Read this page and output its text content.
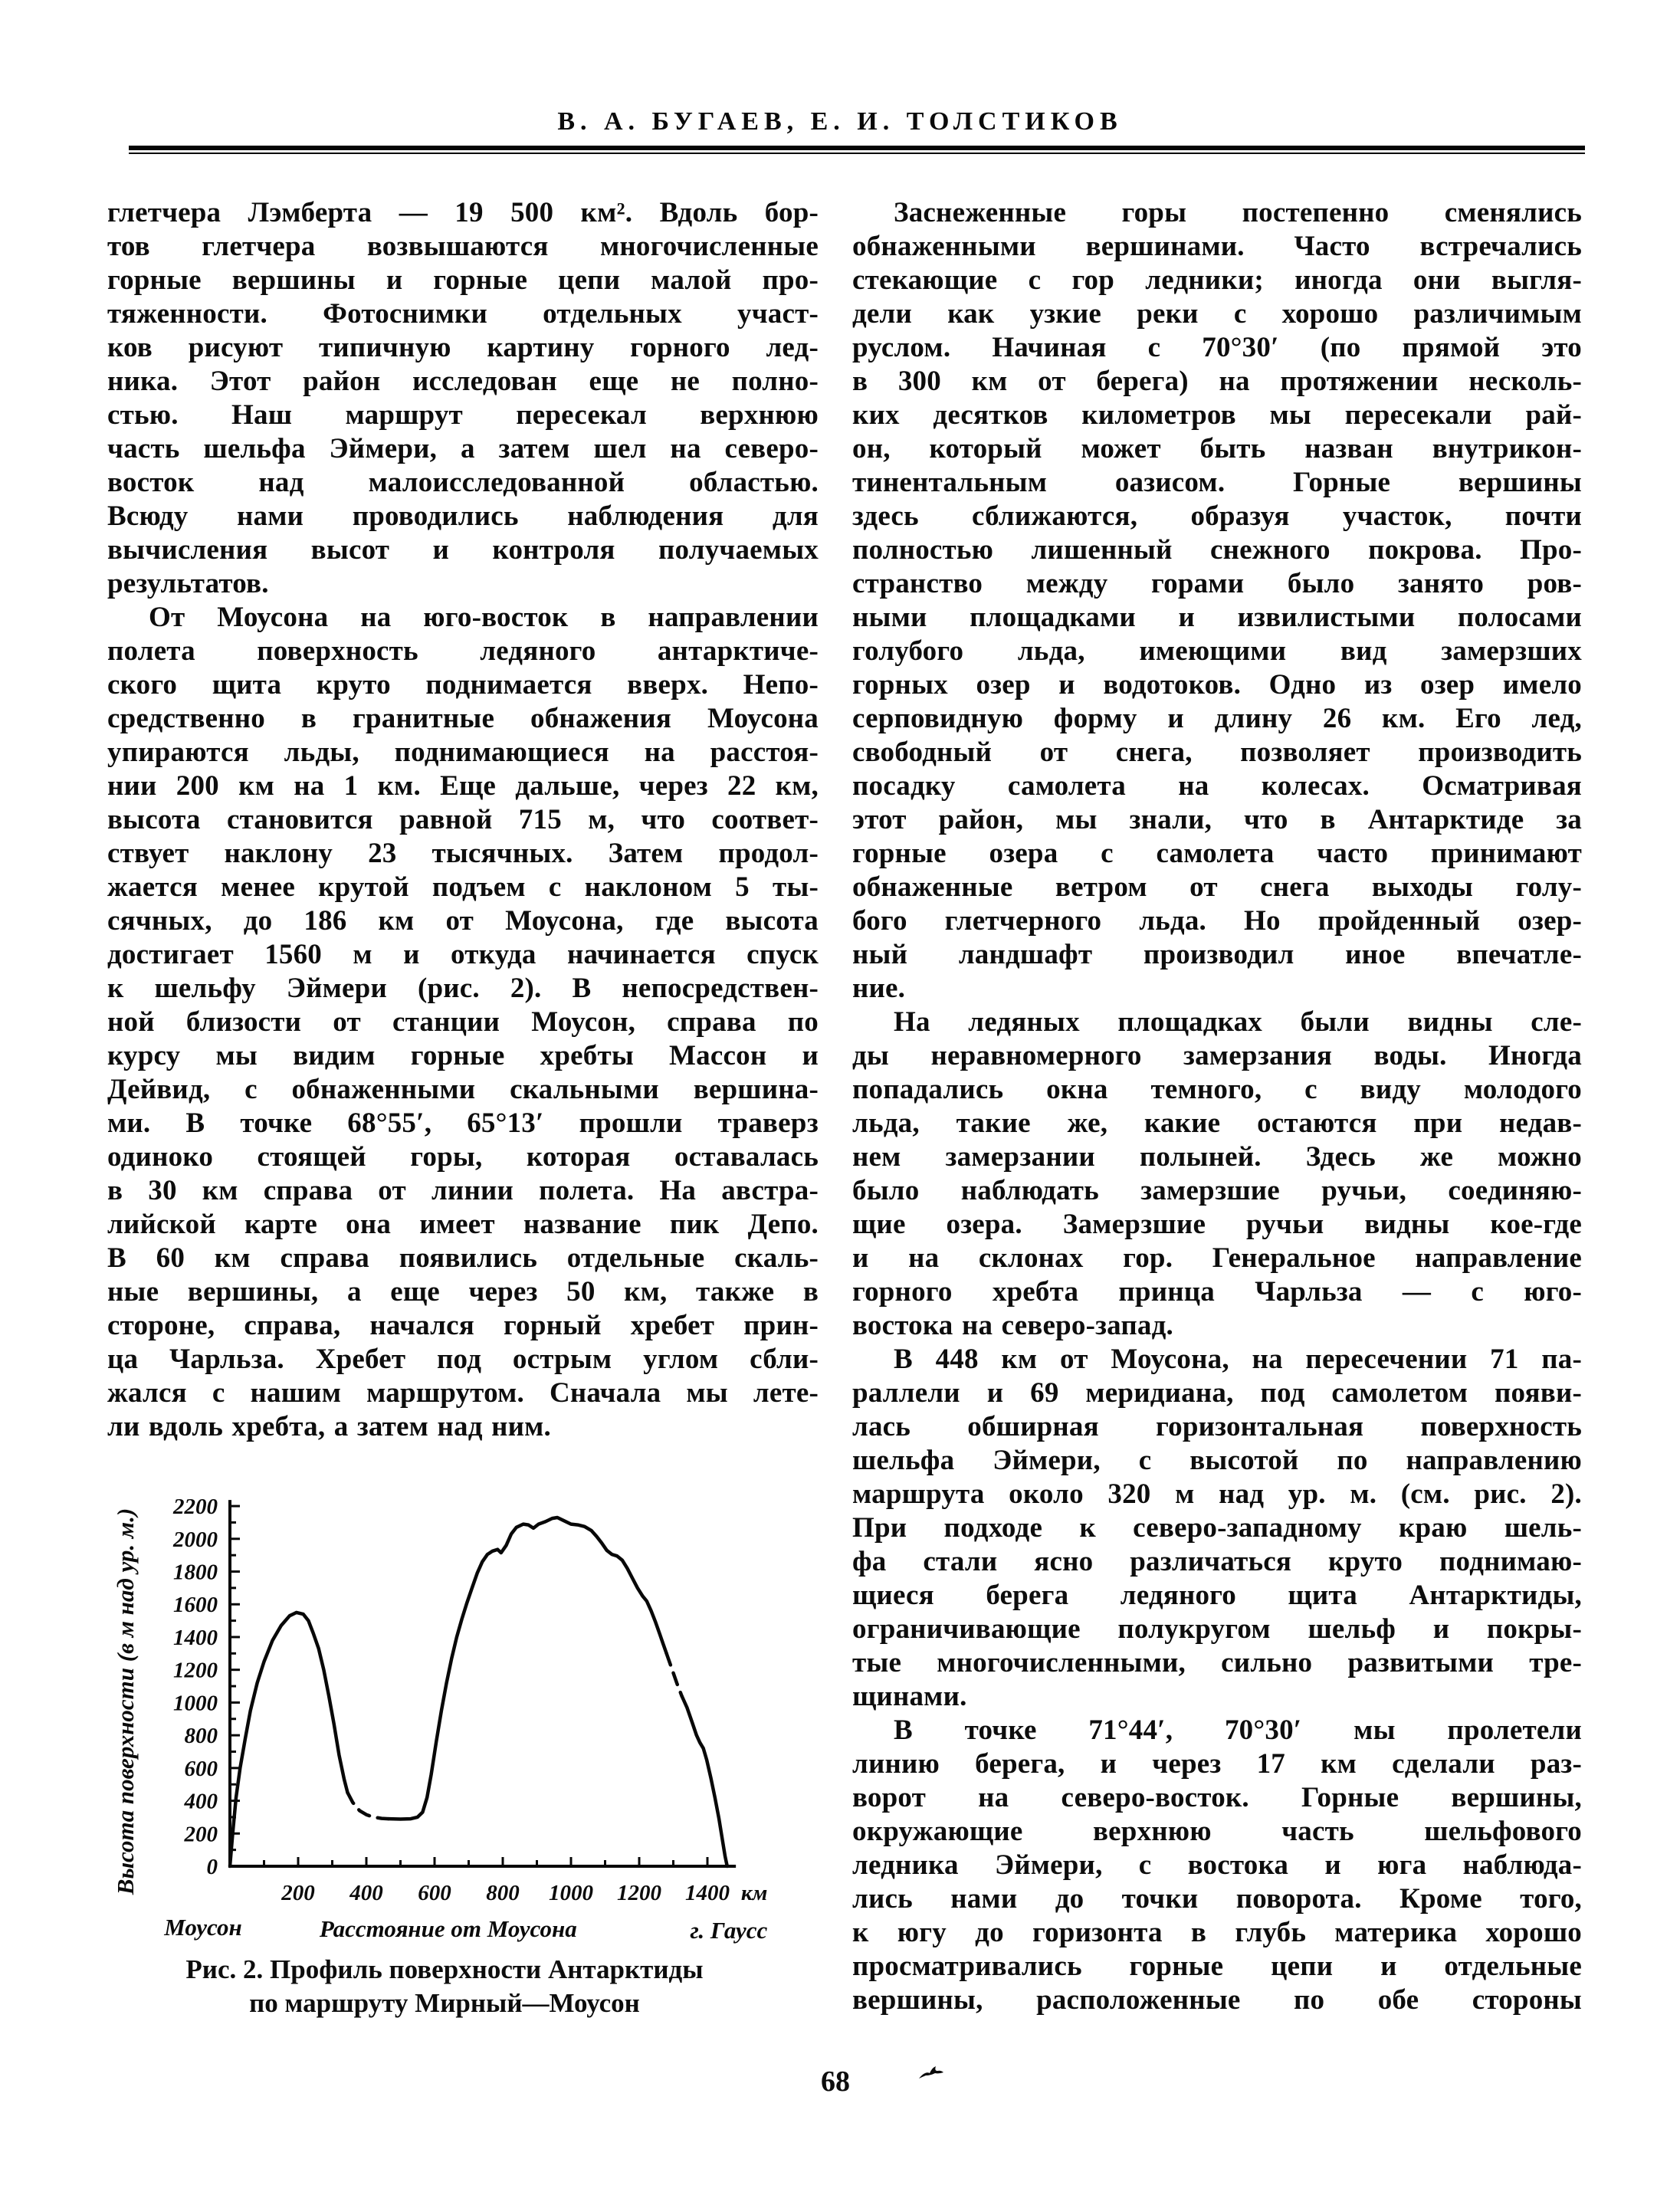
В. А. БУГАЕВ, Е. И. ТОЛСТИКОВ
глетчера Лэмберта — 19 500 км². Вдоль бор-
тов глетчера возвышаются многочисленные
горные вершины и горные цепи малой про-
тяженности. Фотоснимки отдельных участ-
ков рисуют типичную картину горного лед-
ника. Этот район исследован еще не полно-
стью. Наш маршрут пересекал верхнюю
часть шельфа Эймери, а затем шел на северо-
восток над малоисследованной областью.
Всюду нами проводились наблюдения для
вычисления высот и контроля получаемых
результатов.
От Моусона на юго-восток в направлении
полета поверхность ледяного антарктиче-
ского щита круто поднимается вверх. Непо-
средственно в гранитные обнажения Моусона
упираются льды, поднимающиеся на расстоя-
нии 200 км на 1 км. Еще дальше, через 22 км,
высота становится равной 715 м, что соответ-
ствует наклону 23 тысячных. Затем продол-
жается менее крутой подъем с наклоном 5 ты-
сячных, до 186 км от Моусона, где высота
достигает 1560 м и откуда начинается спуск
к шельфу Эймери (рис. 2). В непосредствен-
ной близости от станции Моусон, справа по
курсу мы видим горные хребты Массон и
Дейвид, с обнаженными скальными вершина-
ми. В точке 68°55′, 65°13′ прошли траверз
одиноко стоящей горы, которая оставалась
в 30 км справа от линии полета. На австра-
лийской карте она имеет название пик Депо.
В 60 км справа появились отдельные скаль-
ные вершины, а еще через 50 км, также в
стороне, справа, начался горный хребет прин-
ца Чарльза. Хребет под острым углом сбли-
жался с нашим маршрутом. Сначала мы лете-
ли вдоль хребта, а затем над ним.
Заснеженные горы постепенно сменялись
обнаженными вершинами. Часто встречались
стекающие с гор ледники; иногда они выгля-
дели как узкие реки с хорошо различимым
руслом. Начиная с 70°30′ (по прямой это
в 300 км от берега) на протяжении несколь-
ких десятков километров мы пересекали рай-
он, который может быть назван внутрикон-
тинентальным оазисом. Горные вершины
здесь сближаются, образуя участок, почти
полностью лишенный снежного покрова. Про-
странство между горами было занято ров-
ными площадками и извилистыми полосами
голубого льда, имеющими вид замерзших
горных озер и водотоков. Одно из озер имело
серповидную форму и длину 26 км. Его лед,
свободный от снега, позволяет производить
посадку самолета на колесах. Осматривая
этот район, мы знали, что в Антарктиде за
горные озера с самолета часто принимают
обнаженные ветром от снега выходы голу-
бого глетчерного льда. Но пройденный озер-
ный ландшафт производил иное впечатле-
ние.
На ледяных площадках были видны сле-
ды неравномерного замерзания воды. Иногда
попадались окна темного, с виду молодого
льда, такие же, какие остаются при недав-
нем замерзании полыней. Здесь же можно
было наблюдать замерзшие ручьи, соединяю-
щие озера. Замерзшие ручьи видны кое-где
и на склонах гор. Генеральное направление
горного хребта принца Чарльза — с юго-
востока на северо-запад.
В 448 км от Моусона, на пересечении 71 па-
раллели и 69 меридиана, под самолетом появи-
лась обширная горизонтальная поверхность
шельфа Эймери, с высотой по направлению
маршрута около 320 м над ур. м. (см. рис. 2).
При подходе к северо-западному краю шель-
фа стали ясно различаться круто поднимаю-
щиеся берега ледяного щита Антарктиды,
ограничивающие полукругом шельф и покры-
тые многочисленными, сильно развитыми тре-
щинами.
В точке 71°44′, 70°30′ мы пролетели
линию берега, и через 17 км сделали раз-
ворот на северо-восток. Горные вершины,
окружающие верхнюю часть шельфового
ледника Эймери, с востока и юга наблюда-
лись нами до точки поворота. Кроме того,
к югу до горизонта в глубь материка хорошо
просматривались горные цепи и отдельные
вершины, расположенные по обе стороны
0
200
400
600
800
1000
1200
1400
1600
1800
2000
2200
200 400 600 800 1000 1200 1400 км
Моусон	Расстояние от Моусона	г. Гаусс
Высота поверхности (в м над ур. м.)
Рис. 2. Профиль поверхности Антарктиды
по маршруту Мирный—Моусон
68
